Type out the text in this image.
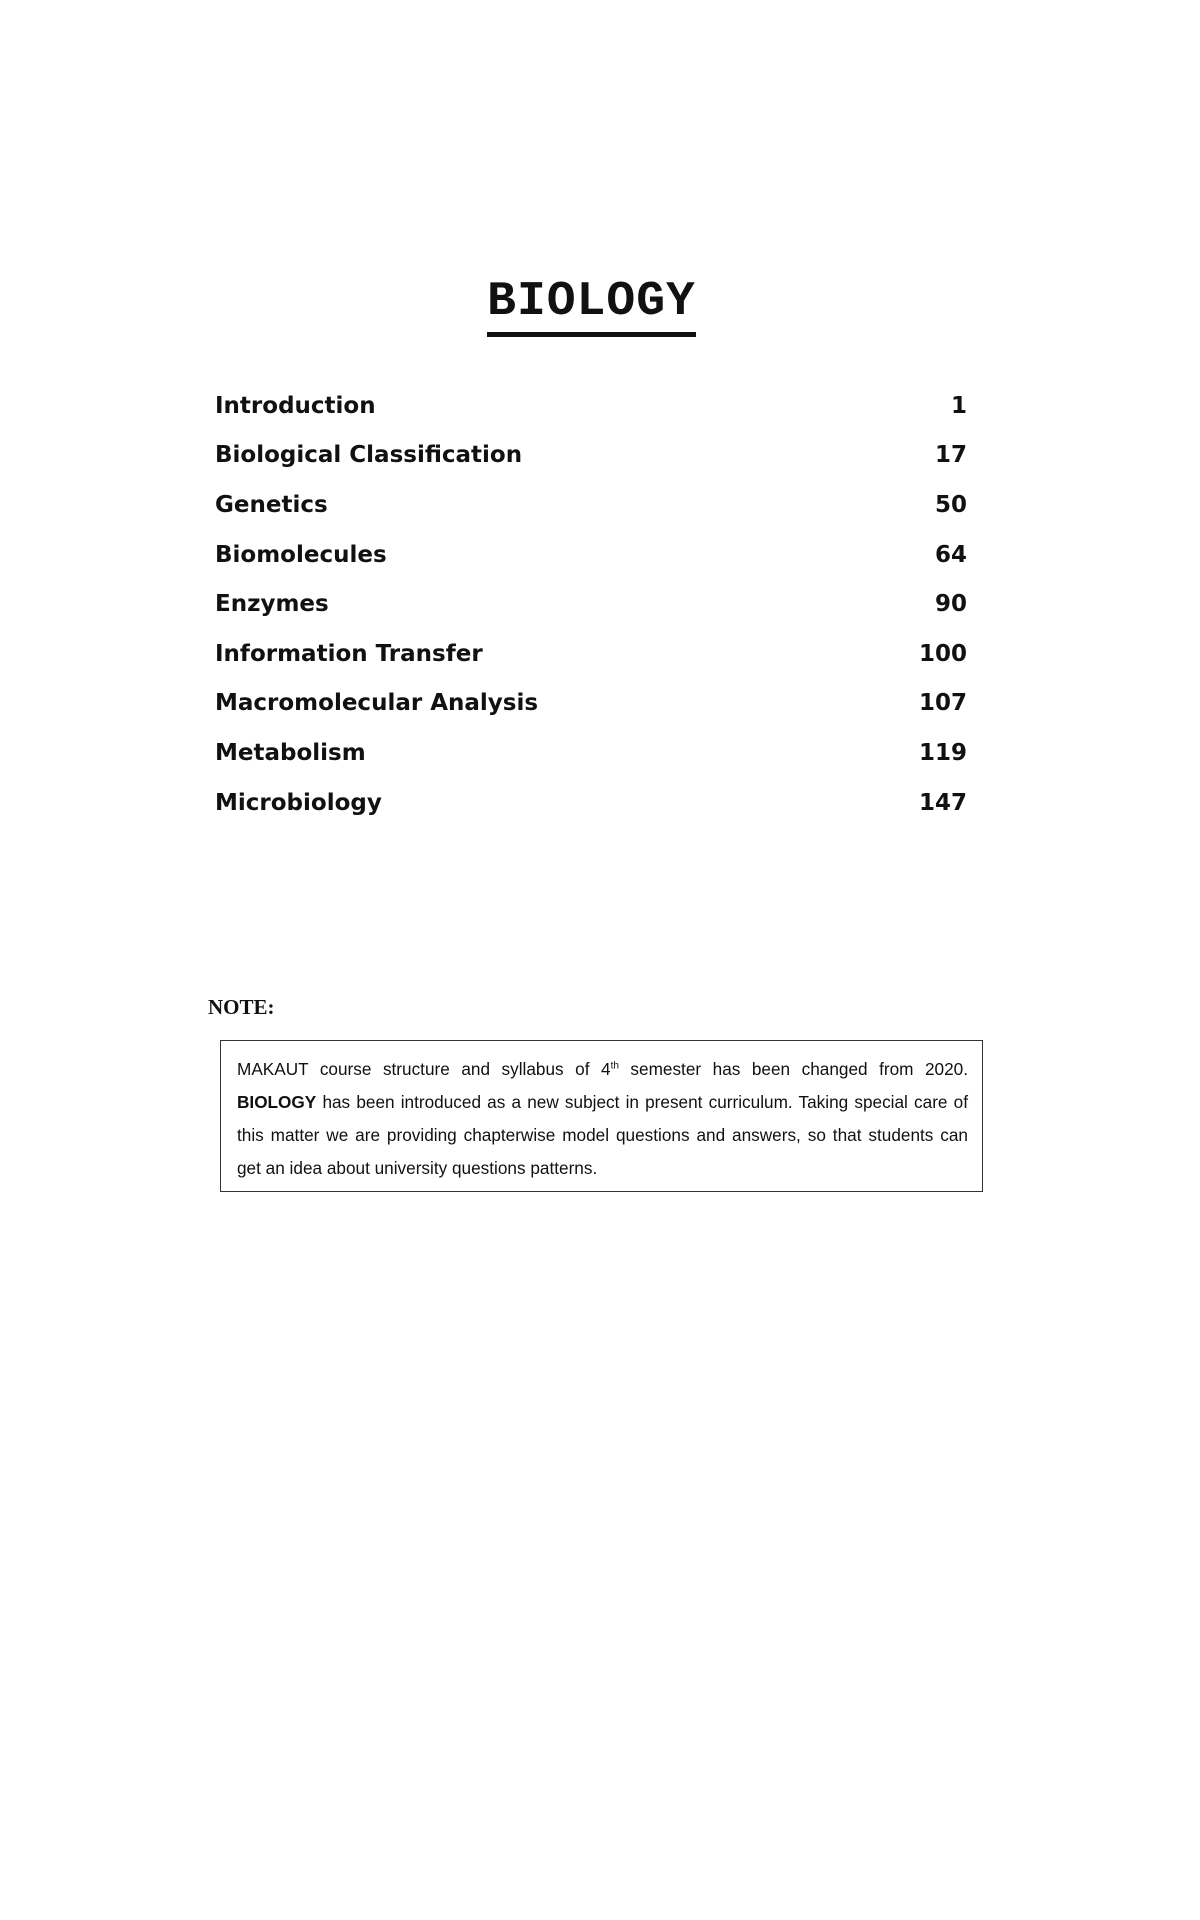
BIOLOGY
Introduction	1
Biological Classification	17
Genetics	50
Biomolecules	64
Enzymes	90
Information Transfer	100
Macromolecular Analysis	107
Metabolism	119
Microbiology	147
NOTE:

MAKAUT course structure and syllabus of 4th semester has been changed from 2020. BIOLOGY has been introduced as a new subject in present curriculum. Taking special care of this matter we are providing chapterwise model questions and answers, so that students can get an idea about university questions patterns.
